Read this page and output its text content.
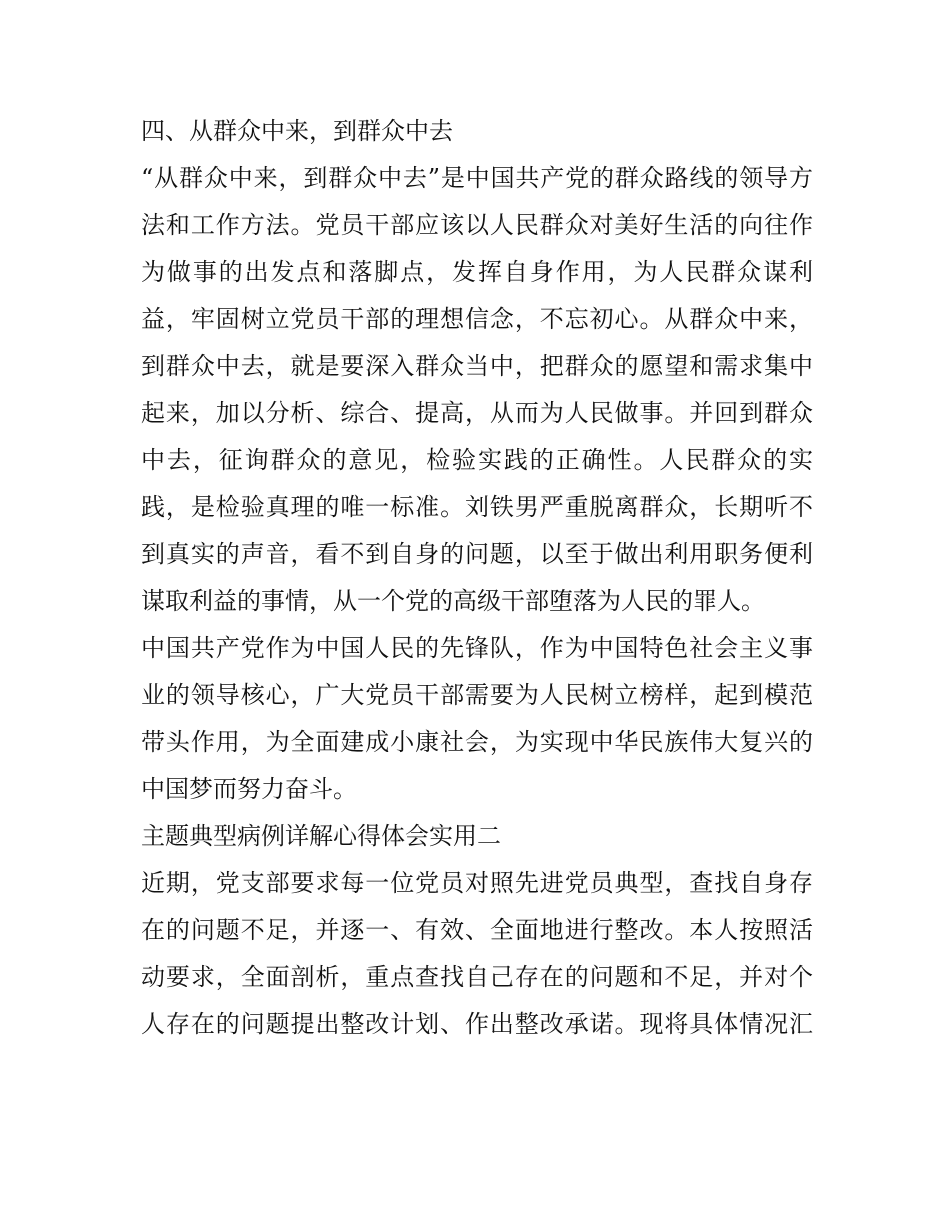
四、从群众中来，到群众中去
“从群众中来，到群众中去”是中国共产党的群众路线的领导方
法和工作方法。党员干部应该以人民群众对美好生活的向往作
为做事的出发点和落脚点，发挥自身作用，为人民群众谋利
益，牢固树立党员干部的理想信念，不忘初心。从群众中来，
到群众中去，就是要深入群众当中，把群众的愿望和需求集中
起来，加以分析、综合、提高，从而为人民做事。并回到群众
中去，征询群众的意见，检验实践的正确性。人民群众的实
践，是检验真理的唯一标准。刘铁男严重脱离群众，长期听不
到真实的声音，看不到自身的问题，以至于做出利用职务便利
谋取利益的事情，从一个党的高级干部堕落为人民的罪人。
中国共产党作为中国人民的先锋队，作为中国特色社会主义事
业的领导核心，广大党员干部需要为人民树立榜样，起到模范
带头作用，为全面建成小康社会，为实现中华民族伟大复兴的
中国梦而努力奋斗。
主题典型病例详解心得体会实用二
近期，党支部要求每一位党员对照先进党员典型，查找自身存
在的问题不足，并逐一、有效、全面地进行整改。本人按照活
动要求，全面剖析，重点查找自己存在的问题和不足，并对个
人存在的问题提出整改计划、作出整改承诺。现将具体情况汇
